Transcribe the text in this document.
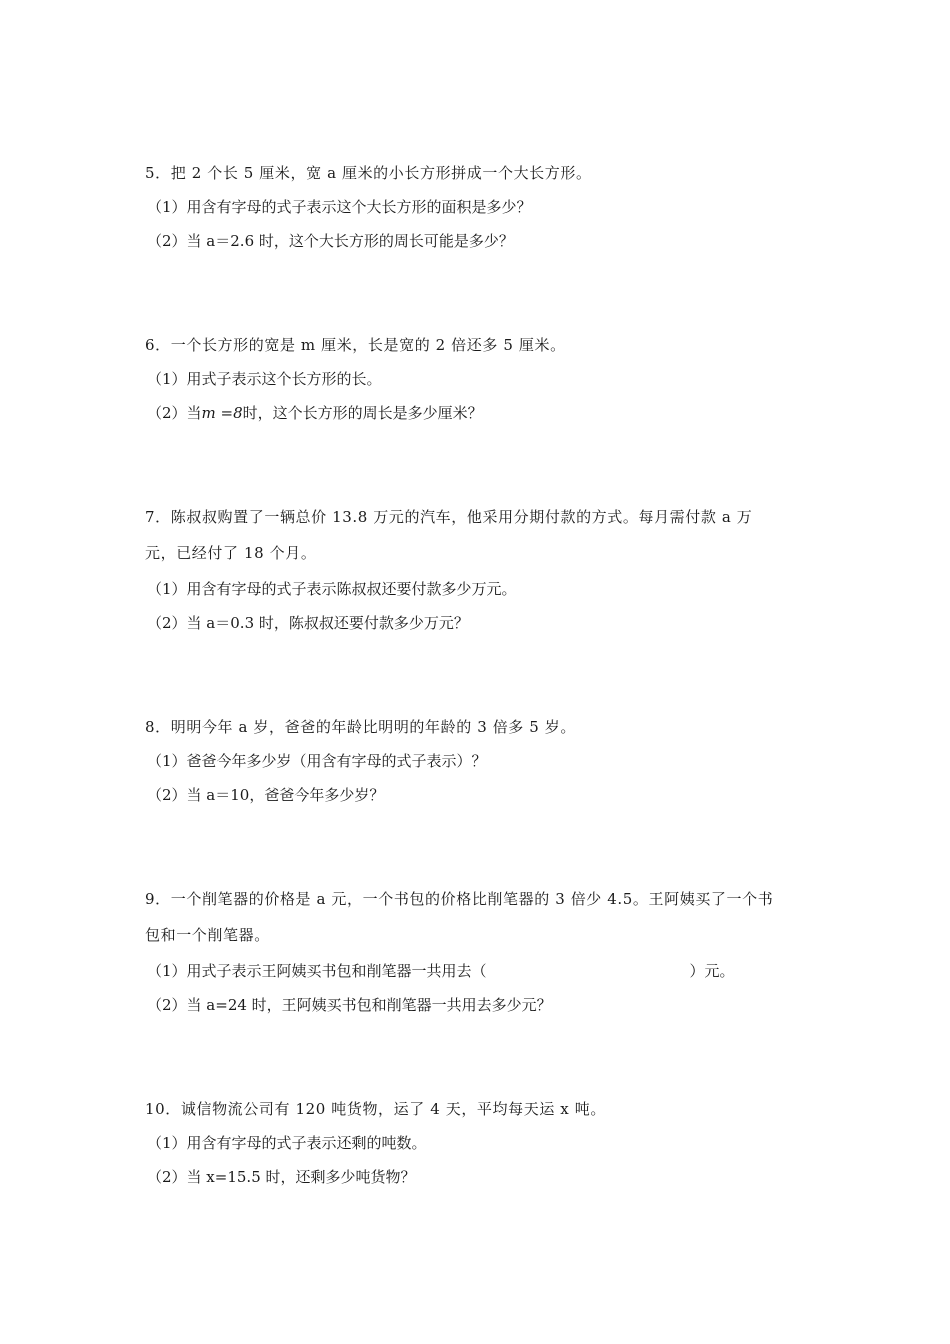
5．把 2 个长 5 厘米，宽 a 厘米的小长方形拼成一个大长方形。
（1）用含有字母的式子表示这个大长方形的面积是多少？
（2）当 a＝2.6 时，这个大长方形的周长可能是多少？
6．一个长方形的宽是 m 厘米，长是宽的 2 倍还多 5 厘米。
（1）用式子表示这个长方形的长。
（2）当m =8时，这个长方形的周长是多少厘米？
7．陈叔叔购置了一辆总价 13.8 万元的汽车，他采用分期付款的方式。每月需付款 a 万
元，已经付了 18 个月。
（1）用含有字母的式子表示陈叔叔还要付款多少万元。
（2）当 a＝0.3 时，陈叔叔还要付款多少万元？
8．明明今年 a 岁，爸爸的年龄比明明的年龄的 3 倍多 5 岁。
（1）爸爸今年多少岁（用含有字母的式子表示）？
（2）当 a＝10，爸爸今年多少岁？
9．一个削笔器的价格是 a 元，一个书包的价格比削笔器的 3 倍少 4.5。王阿姨买了一个书
包和一个削笔器。
（1）用式子表示王阿姨买书包和削笔器一共用去（	）元。
（2）当 a=24 时，王阿姨买书包和削笔器一共用去多少元？
10．诚信物流公司有 120 吨货物，运了 4 天，平均每天运 x 吨。
（1）用含有字母的式子表示还剩的吨数。
（2）当 x=15.5 时，还剩多少吨货物？
